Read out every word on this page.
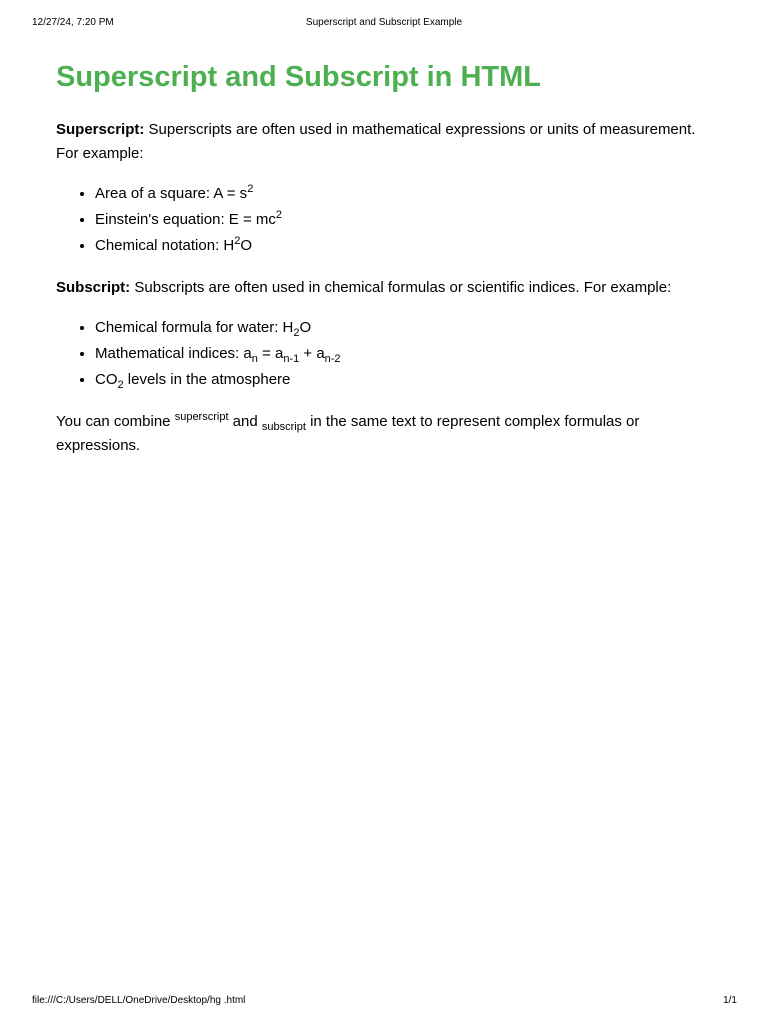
12/27/24, 7:20 PM	Superscript and Subscript Example
Superscript and Subscript in HTML

Superscript: Superscripts are often used in mathematical expressions or units of measurement. For example:

• Area of a square: $A = s^2$
• Einstein's equation: $E = mc^2$
• Chemical notation: $H^2O$

Subscript: Subscripts are often used in chemical formulas or scientific indices. For example:

• Chemical formula for water: $H_2O$
• Mathematical indices: $a_n = a_{n-1} + a_{n-2}$
• $CO_2$ levels in the atmosphere

You can combine $^{superscript}$ and $_{subscript}$ in the same text to represent complex formulas or expressions.

file:///C:/Users/DELL/OneDrive/Desktop/hg .html	1/1
